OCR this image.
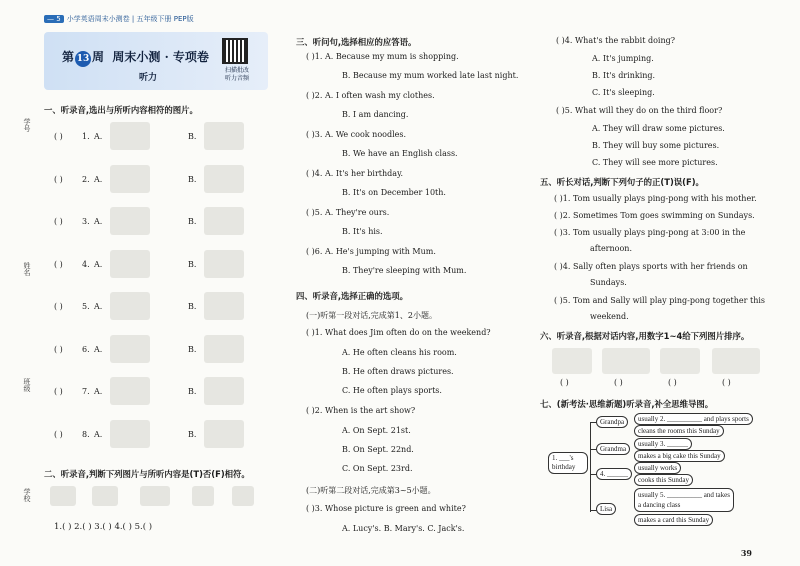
— 5 小学英语周末小测卷 | 五年级下册 PEP版
第 13 周 周末小测 · 专项卷
听力
扫描批改
听力音频
学号
姓名
班级
学校
一、听录音,选出与所听内容相符的图片。
( ) 1. A.	B.
( ) 2. A.	B.
( ) 3. A.	B.
( ) 4. A.	B.
( ) 5. A.	B.
( ) 6. A.	B.
( ) 7. A.	B.
( ) 8. A.	B.
二、听录音,判断下列图片与所听内容是(T)否(F)相符。
1.( ) 2.( ) 3.( ) 4.( ) 5.( )
三、听问句,选择相应的应答语。
( )1. A. Because my mum is shopping.
B. Because my mum worked late last night.
( )2. A. I often wash my clothes.
B. I am dancing.
( )3. A. We cook noodles.
B. We have an English class.
( )4. A. It's her birthday.
B. It's on December 10th.
( )5. A. They're ours.
B. It's his.
( )6. A. He's jumping with Mum.
B. They're sleeping with Mum.
四、听录音,选择正确的选项。
(一)听第一段对话,完成第1、2小题。
( )1. What does Jim often do on the weekend?
A. He often cleans his room.
B. He often draws pictures.
C. He often plays sports.
( )2. When is the art show?
A. On Sept. 21st.
B. On Sept. 22nd.
C. On Sept. 23rd.
(二)听第二段对话,完成第3~5小题。
( )3. Whose picture is green and white?
A. Lucy's. B. Mary's. C. Jack's.
( )4. What's the rabbit doing?
A. It's jumping.
B. It's drinking.
C. It's sleeping.
( )5. What will they do on the third floor?
A. They will draw some pictures.
B. They will buy some pictures.
C. They will see more pictures.
五、听长对话,判断下列句子的正(T)误(F)。
( )1. Tom usually plays ping-pong with his mother.
( )2. Sometimes Tom goes swimming on Sundays.
( )3. Tom usually plays ping-pong at 3:00 in the
afternoon.
( )4. Sally often plays sports with her friends on
Sundays.
( )5. Tom and Sally will play ping-pong together this
weekend.
六、听录音,根据对话内容,用数字1~4给下列图片排序。
( )	( )	( )	( )
七、(新考法·思维新题)听录音,补全思维导图。
1. ___'s birthday
Grandpa
Grandma
4. ______
Lisa
usually 2. __________ and plays sports
cleans the rooms this Sunday
usually 3. ______
makes a big cake this Sunday
usually works
cooks this Sunday
usually 5. __________ and takes
a dancing class
makes a card this Sunday
39
